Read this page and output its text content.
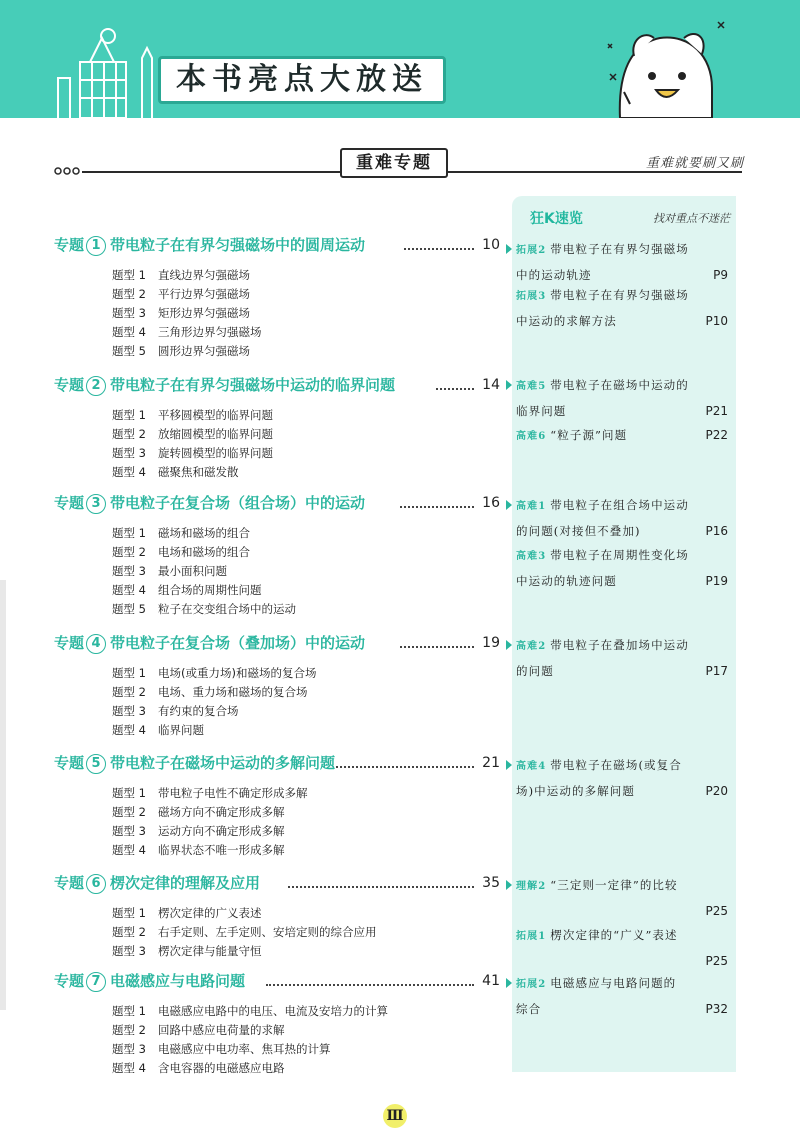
本书亮点大放送
重难专题	重难就要刷又刷
狂K速览	找对重点不迷茫
拓展2 带电粒子在有界匀强磁场
中的运动轨迹	P9
拓展3 带电粒子在有界匀强磁场
中运动的求解方法	P10
高难5 带电粒子在磁场中运动的
临界问题	P21
高难6 “粒子源”问题	P22
高难1 带电粒子在组合场中运动
的问题(对接但不叠加)	P16
高难3 带电粒子在周期性变化场
中运动的轨迹问题	P19
高难2 带电粒子在叠加场中运动
的问题	P17
高难4 带电粒子在磁场(或复合
场)中运动的多解问题	P20
理解2 “三定则一定律”的比较
P25
拓展1 楞次定律的“广义”表述
P25
拓展2 电磁感应与电路问题的
综合	P32
专题 1 带电粒子在有界匀强磁场中的圆周运动	10
题型 1 直线边界匀强磁场
题型 2 平行边界匀强磁场
题型 3 矩形边界匀强磁场
题型 4 三角形边界匀强磁场
题型 5 圆形边界匀强磁场
专题 2 带电粒子在有界匀强磁场中运动的临界问题	14
题型 1 平移圆模型的临界问题
题型 2 放缩圆模型的临界问题
题型 3 旋转圆模型的临界问题
题型 4 磁聚焦和磁发散
专题 3 带电粒子在复合场（组合场）中的运动	16
题型 1 磁场和磁场的组合
题型 2 电场和磁场的组合
题型 3 最小面积问题
题型 4 组合场的周期性问题
题型 5 粒子在交变组合场中的运动
专题 4 带电粒子在复合场（叠加场）中的运动	19
题型 1 电场(或重力场)和磁场的复合场
题型 2 电场、重力场和磁场的复合场
题型 3 有约束的复合场
题型 4 临界问题
专题 5 带电粒子在磁场中运动的多解问题	21
题型 1 带电粒子电性不确定形成多解
题型 2 磁场方向不确定形成多解
题型 3 运动方向不确定形成多解
题型 4 临界状态不唯一形成多解
专题 6 楞次定律的理解及应用	35
题型 1 楞次定律的广义表述
题型 2 右手定则、左手定则、安培定则的综合应用
题型 3 楞次定律与能量守恒
专题 7 电磁感应与电路问题	41
题型 1 电磁感应电路中的电压、电流及安培力的计算
题型 2 回路中感应电荷量的求解
题型 3 电磁感应中电功率、焦耳热的计算
题型 4 含电容器的电磁感应电路
Ⅲ
